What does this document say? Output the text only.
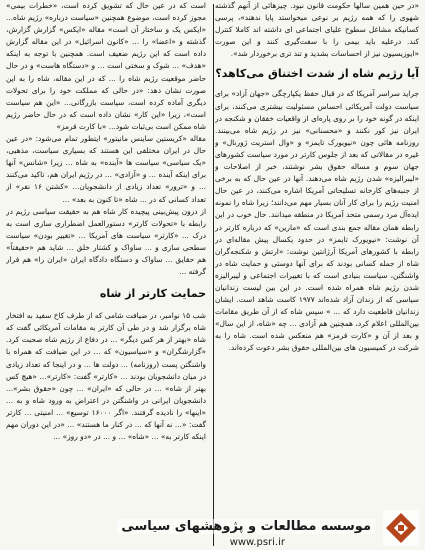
«در حین همین سالها حکومت قانون نبود. چیزهائی از آنهم گذشته شهوی را که همه رژیم بر نوعی میخواستد پایا ندهند»، پرسی کسانیکه مشاغل سطوح علیای اجتماعی ای داشته اند کاملا کنترل کند. درعلیه باید بیمی را با سفت‌گیری کنند و این صورت «ایوزیسیون نیز از احساسات بشدید و تند تری برخوردار شد».

آیا رژیم شاه از شدت اختناق می‌کاهد؟

جراید سراسر آمریکا که در قبال حفظ یکپارچگی «جهان آزاد» برای سیاست دولت آمریکائی احساس مسئولیت بیشتری می‌کنند، برای اینکه در گونه خود را بر روی پاره‌ای از واقعیات خفقان و شکنجه در ایران نیز کور نکنند و «محسنانی» نیز در رژیم شاه می‌بینند. روزنامه هائی چون «نیویورک تایمز» و «وال استریت ژورنال» و غیره در مقالاتی که بعد از جلوس کارتر در مورد سیاست کشورهای جهان سوم و مساله حقوق بشر نوشتند، خبر از اصلاحات و «لیبرالیزه» شدن رژیم شاه می‌دهند. آنها در عین حال که به برخی از جنبه‌های کارخانه تسلیحاتی آمریکا اشاره می‌کنند، در عین حال امنیت رژیم را برای کار آنان بسیار مهم می‌دانند؛ زیرا شاه را نمونه ایده‌آل مرد رسمی متحد آمریکا در منطقه میدانند. حال خوب در این رابطه همان مقاله جمع بندی است که «مارین» که درباره کارتر در آن نوشت: «نیویورک تایمز» در حدود یکسال پیش مقاله‌ای در رابطه با کشورهای آمریکا آرژانتین نوشت: «ارتش و شکنجه‌گران شاه از جمله کسانی بودند که برای آنها دوستی و حمایت شاه در واشنگتن، سیاست بنیادی است که با تغییرات اجتماعی و لیبرالیزه شدن رژیم شاه همراه شده است. در این بین لیست زندانیان سیاسی که از زندان آزاد شده‌اند ۱۹۷۷ کاست شاهد است. ایشان زندانیان قاطعیت دارد که ... » سپس شاه که از آن طریق مقامات بین‌المللی اعلام کرد، همچنین هم آزادی ... چه «شاه، از این سال» و بعد از آن و «کارت قرمز» هم منعکس شده است. شاه را به شرکت در کمیسیون های بین‌المللی حقوق بشر دعوت کرده‌اند.

است که در عین حال که تشویق کرده است، «خطرات بیمی» مجوز کرده است، موضوع همچنین «سیاست درباره» رژیم شاه... «ایکس یک و ساختار آن است» مقاله «ایکس» گزارش گزارش، گذشته و «اعضا» را ... «کانون اسرائیل» در این مقاله گزارش داده است که این رژیم ضعیف است. همچنین با توجه به اینکه «هدف» ... شوک و سختی است ... و «دستگاه هاست» و در حال حاضر موقعیت رژیم شاه را ... که در این مقاله، شاه را به این صورت نشان دهد: «در حالی که مملکت خود را برای تحولات دیگری آماده کرده است، سیاست بازرگانی... «این هم سیاست است»، زیرا «این کار» نشان داده است که در حال حاضر رژیم شاه ممکن است بی‌ثبات شود... «با کارت قرمز»

مقاله «کریستین ساینس مانیتور» ایتطور تمام می‌شود: «در عین حال در ایران مختلفی این هستند که بسیاری سیاست، مذهبی، «یک سیاسی» سیاست ها «آینده» به شاه ... زیرا «شانس» آنها برای اینکه آینده ... و «آزادی» ... در رژیم ایران هم، تاکید می‌کنند ... و «ترور» تعداد زیادی از دانشجویان... «کشتن ۱۶ نفر» از تعداد کسانی که در ... شاه «تا کنون به بعد» ...

از درون پیش‌بینی پیچیده کار شاه هم به حقیقت سیاسی رژیم در رابطه با «تحولات کارتر» دستورالعمل اضطراری سازی است به درک ... «کارتر» سیاست های آمریکا ... «تغییر بودن» سیاست سطحی سازی و ... ساواک و کشتار خلق ... شاید هم «حقیقتاً» هم حقایق ... ساواک و دستگاه دادگاه ایران «ایران را» هم قرار گرفته ...

حمایت کارتر از شاه

شب ۱۵ نوامبر، در ضیافت شامی که از طرف کاخ سفید به افتخار شاه برگزار شد و در طی آن کارتر به مقامات آمریکائی گفت که شاه «بهتر از هر کس دیگر» ... در دفاع از رژیم شاه صحبت کرد. «گزارشگران» و «سیاسیون» که ... در این ضیافت که همراه با واشنگتن پست (روزنامه) ... دولت ها ... و در اینجا که تعداد زیادی در میان دانشجویان بودند ... «کارتر» گفت: «کارتر»... «هیچ کس بهتر از شاه» ... در حالی که «ایران» ... چون «حقوق بشر»... دانشجویان ایرانی در واشنگتن در اعتراض به ورود شاه و به ... «اینها» را نادیده گرفتند. «اگر ۱۶۰۰۰ توسیع» ... امنیتی ... کارتر گفت: «... نه آنها که ... در کنار ما هستند» ... «در این دوران مهم اینکه کارتر به» ... «شاه» ... و ... در «دو روز» ...

موسسه مطالعات و پژوهشهای سیاسی
www.psri.ir
